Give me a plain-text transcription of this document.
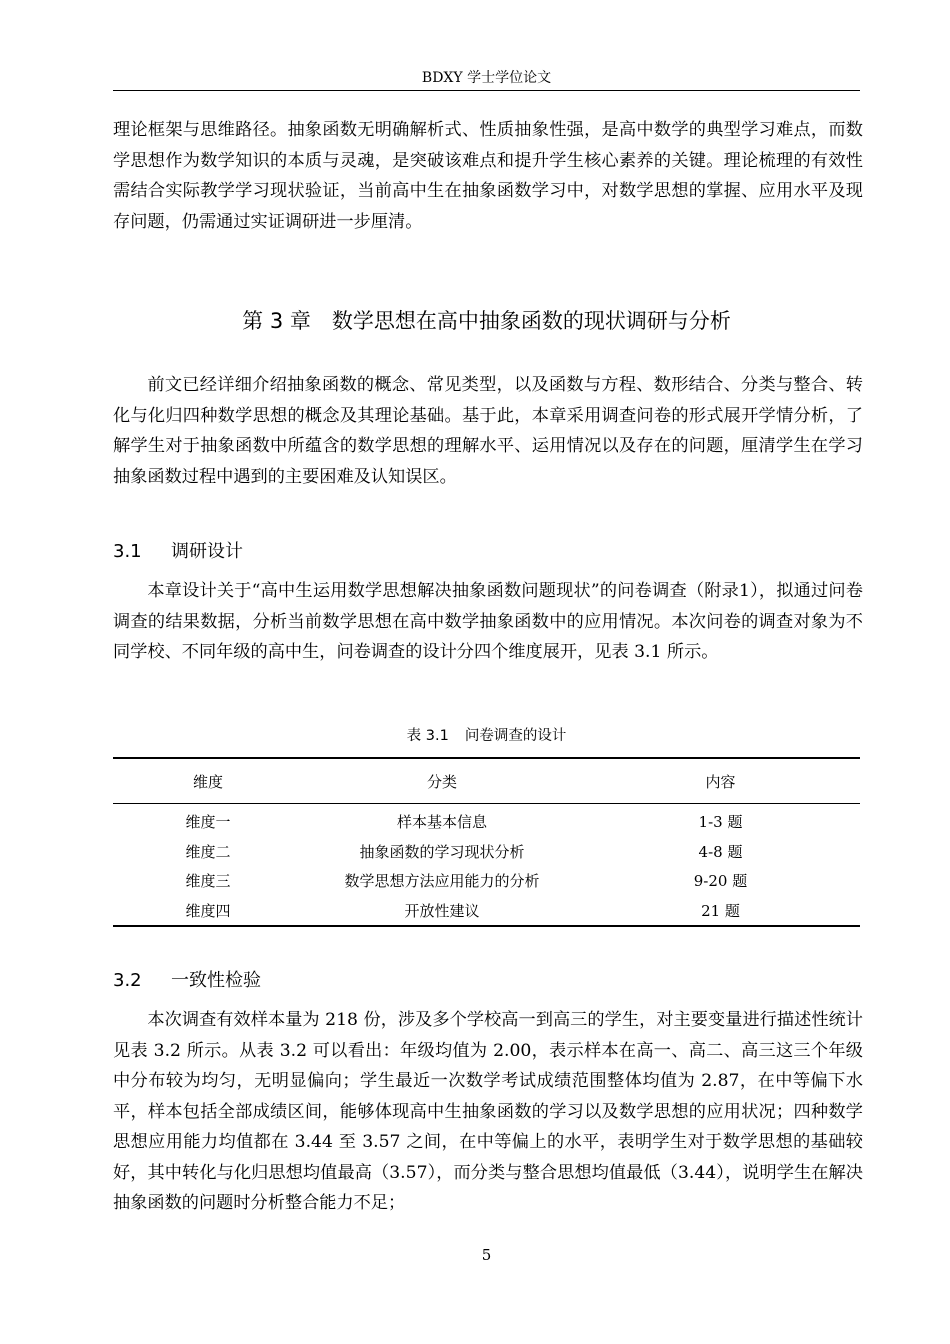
BDXY 学士学位论文

理论框架与思维路径。抽象函数无明确解析式、性质抽象性强，是高中数学的典型学习难点，而数学思想作为数学知识的本质与灵魂，是突破该难点和提升学生核心素养的关键。理论梳理的有效性需结合实际教学学习现状验证，当前高中生在抽象函数学习中，对数学思想的掌握、应用水平及现存问题，仍需通过实证调研进一步厘清。

第 3 章　数学思想在高中抽象函数的现状调研与分析

前文已经详细介绍抽象函数的概念、常见类型，以及函数与方程、数形结合、分类与整合、转化与化归四种数学思想的概念及其理论基础。基于此，本章采用调查问卷的形式展开学情分析，了解学生对于抽象函数中所蕴含的数学思想的理解水平、运用情况以及存在的问题，厘清学生在学习抽象函数过程中遇到的主要困难及认知误区。

3.1 调研设计

本章设计关于“高中生运用数学思想解决抽象函数问题现状”的问卷调查（附录1），拟通过问卷调查的结果数据，分析当前数学思想在高中数学抽象函数中的应用情况。本次问卷的调查对象为不同学校、不同年级的高中生，问卷调查的设计分四个维度展开，见表 3.1 所示。

表 3.1 问卷调查的设计
维度	分类	内容
维度一	样本基本信息	1-3 题
维度二	抽象函数的学习现状分析	4-8 题
维度三	数学思想方法应用能力的分析	9-20 题
维度四	开放性建议	21 题
3.2 一致性检验

本次调查有效样本量为 218 份，涉及多个学校高一到高三的学生，对主要变量进行描述性统计见表 3.2 所示。从表 3.2 可以看出：年级均值为 2.00，表示样本在高一、高二、高三这三个年级中分布较为均匀，无明显偏向；学生最近一次数学考试成绩范围整体均值为 2.87，在中等偏下水平，样本包括全部成绩区间，能够体现高中生抽象函数的学习以及数学思想的应用状况；四种数学思想应用能力均值都在 3.44 至 3.57 之间，在中等偏上的水平，表明学生对于数学思想的基础较好，其中转化与化归思想均值最高（3.57），而分类与整合思想均值最低（3.44），说明学生在解决抽象函数的问题时分析整合能力不足；

5
